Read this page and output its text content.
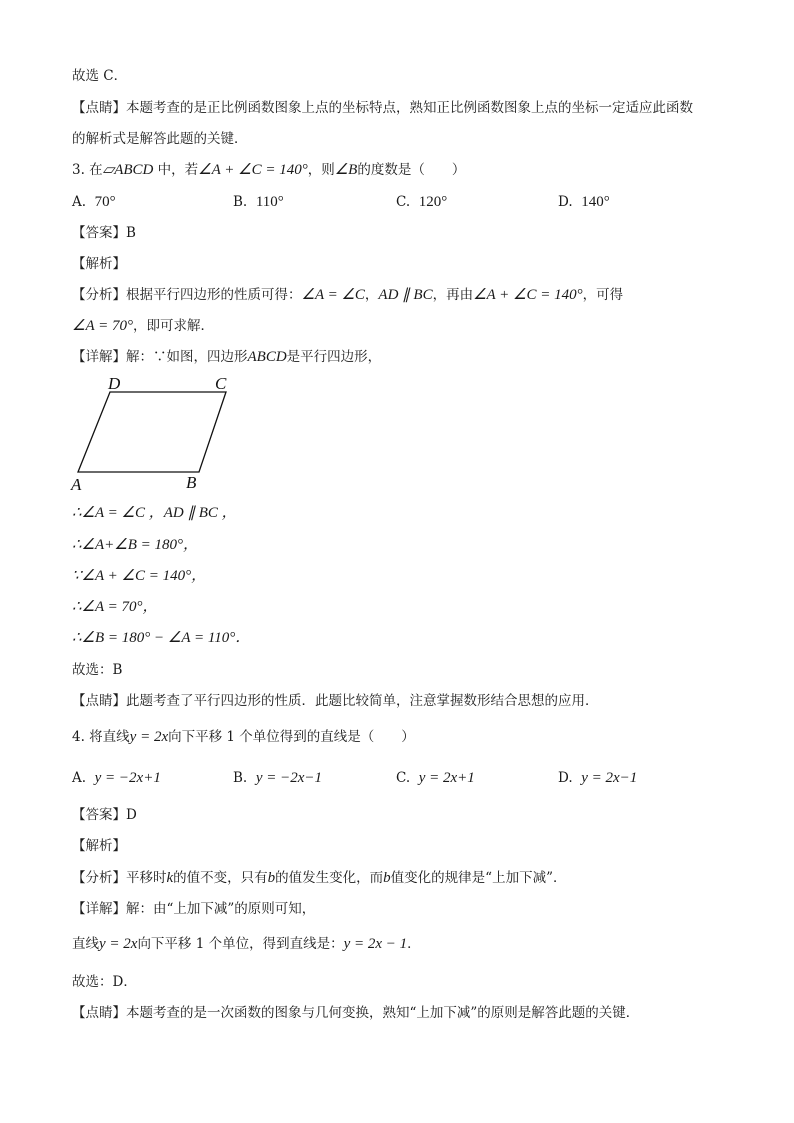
故选 C．
【点睛】本题考查的是正比例函数图象上点的坐标特点，熟知正比例函数图象上点的坐标一定适应此函数
的解析式是解答此题的关键．
3. 在▱ABCD 中，若∠A + ∠C = 140°，则∠B的度数是（　　）
A. 70°	B. 110°	C. 120°	D. 140°
【答案】B
【解析】
【分析】根据平行四边形的性质可得：∠A = ∠C，AD ∥ BC，再由∠A + ∠C = 140°，可得
∠A = 70°，即可求解．
【详解】解：∵如图，四边形ABCD是平行四边形，
D	C
A	B
∴∠A = ∠C ，AD ∥ BC ，
∴∠A+∠B = 180°，
∵∠A + ∠C = 140°，
∴∠A = 70°，
∴∠B = 180° − ∠A = 110°．
故选：B
【点睛】此题考查了平行四边形的性质．此题比较简单，注意掌握数形结合思想的应用．
4. 将直线y = 2x向下平移 1 个单位得到的直线是（　　）
A. y = −2x+1	B. y = −2x−1	C. y = 2x+1	D. y = 2x−1
【答案】D
【解析】
【分析】平移时k的值不变，只有b的值发生变化，而b值变化的规律是“上加下减”．
【详解】解：由“上加下减”的原则可知，
直线y = 2x向下平移 1 个单位，得到直线是：y = 2x − 1．
故选：D．
【点睛】本题考查的是一次函数的图象与几何变换，熟知“上加下减”的原则是解答此题的关键．
